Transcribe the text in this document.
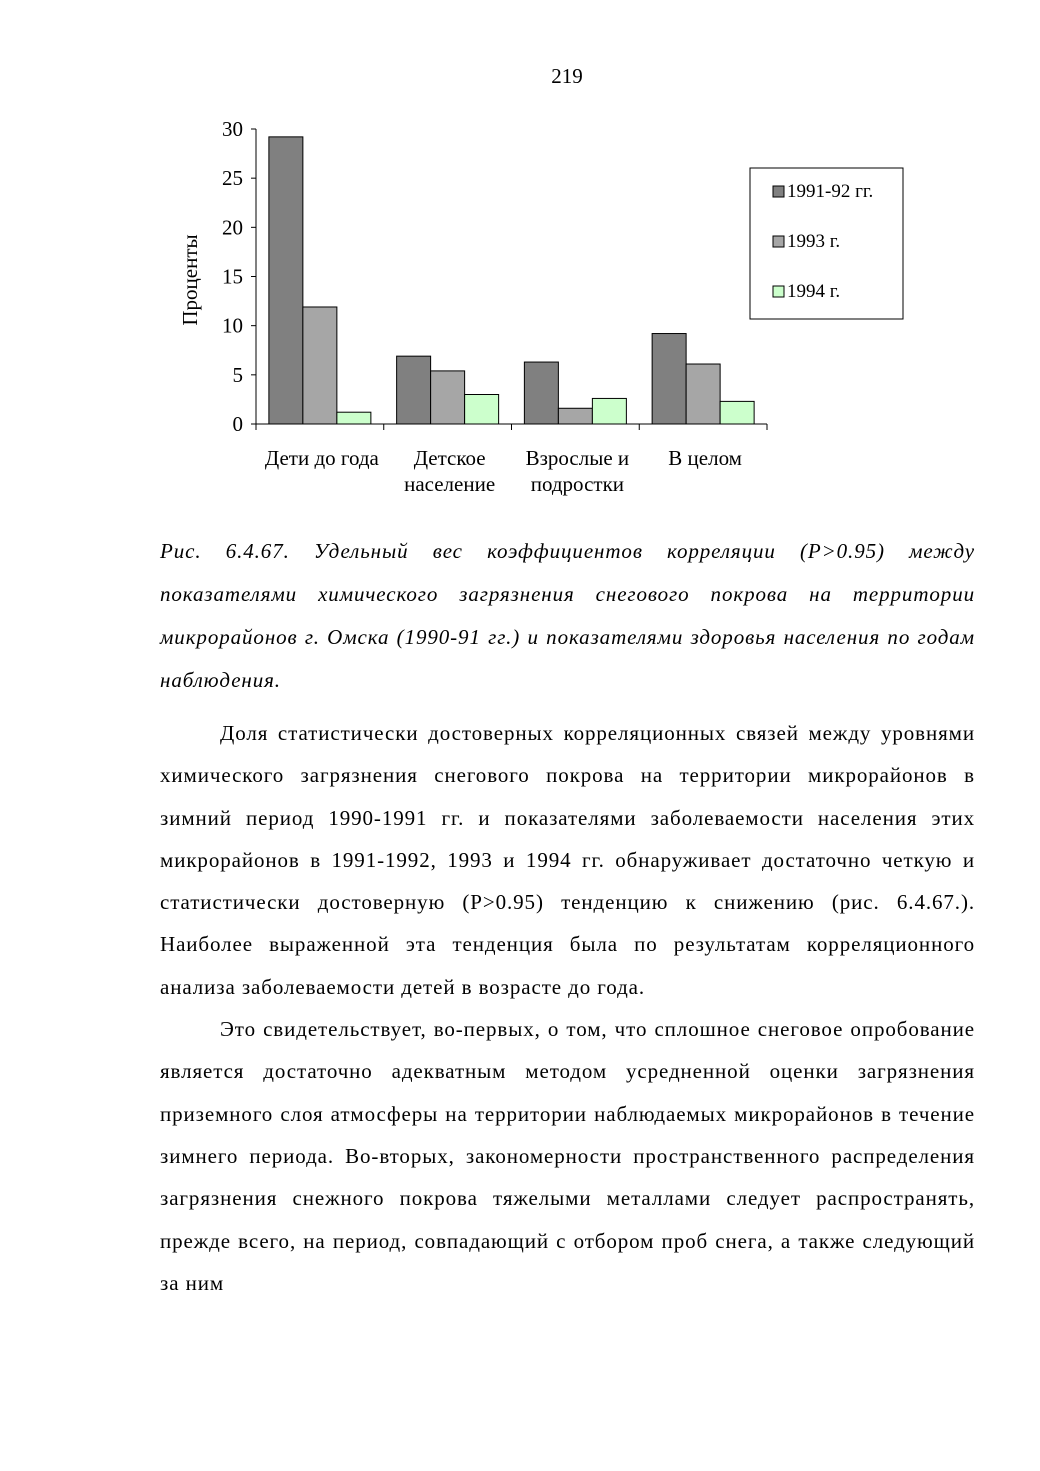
219
0
5
10
15
20
25
30
Проценты
Дети до года Детское
население
Взрослые и
подростки
В целом
1991-92 гг.
1993 г.
1994 г.

Рис. 6.4.67. Удельный вес коэффициентов корреляции (Р>0.95) между показателями химического загрязнения снегового покрова на территории микрорайонов г. Омска (1990-91 гг.) и показателями здоровья населения по годам наблюдения.

Доля статистически достоверных корреляционных связей между уровнями химического загрязнения снегового покрова на территории микрорайонов в зимний период 1990-1991 гг. и показателями заболеваемости населения этих микрорайонов в 1991-1992, 1993 и 1994 гг. обнаруживает достаточно четкую и статистически достоверную (Р>0.95) тенденцию к снижению (рис. 6.4.67.). Наиболее выраженной эта тенденция была по результатам корреляционного анализа заболеваемости детей в возрасте до года.

Это свидетельствует, во-первых, о том, что сплошное снеговое опробование является достаточно адекватным методом усредненной оценки загрязнения приземного слоя атмосферы на территории наблюдаемых микрорайонов в течение зимнего периода. Во-вторых, закономерности пространственного распределения загрязнения снежного покрова тяжелыми металлами следует распространять, прежде всего, на период, совпадающий с отбором проб снега, а также следующий за ним
